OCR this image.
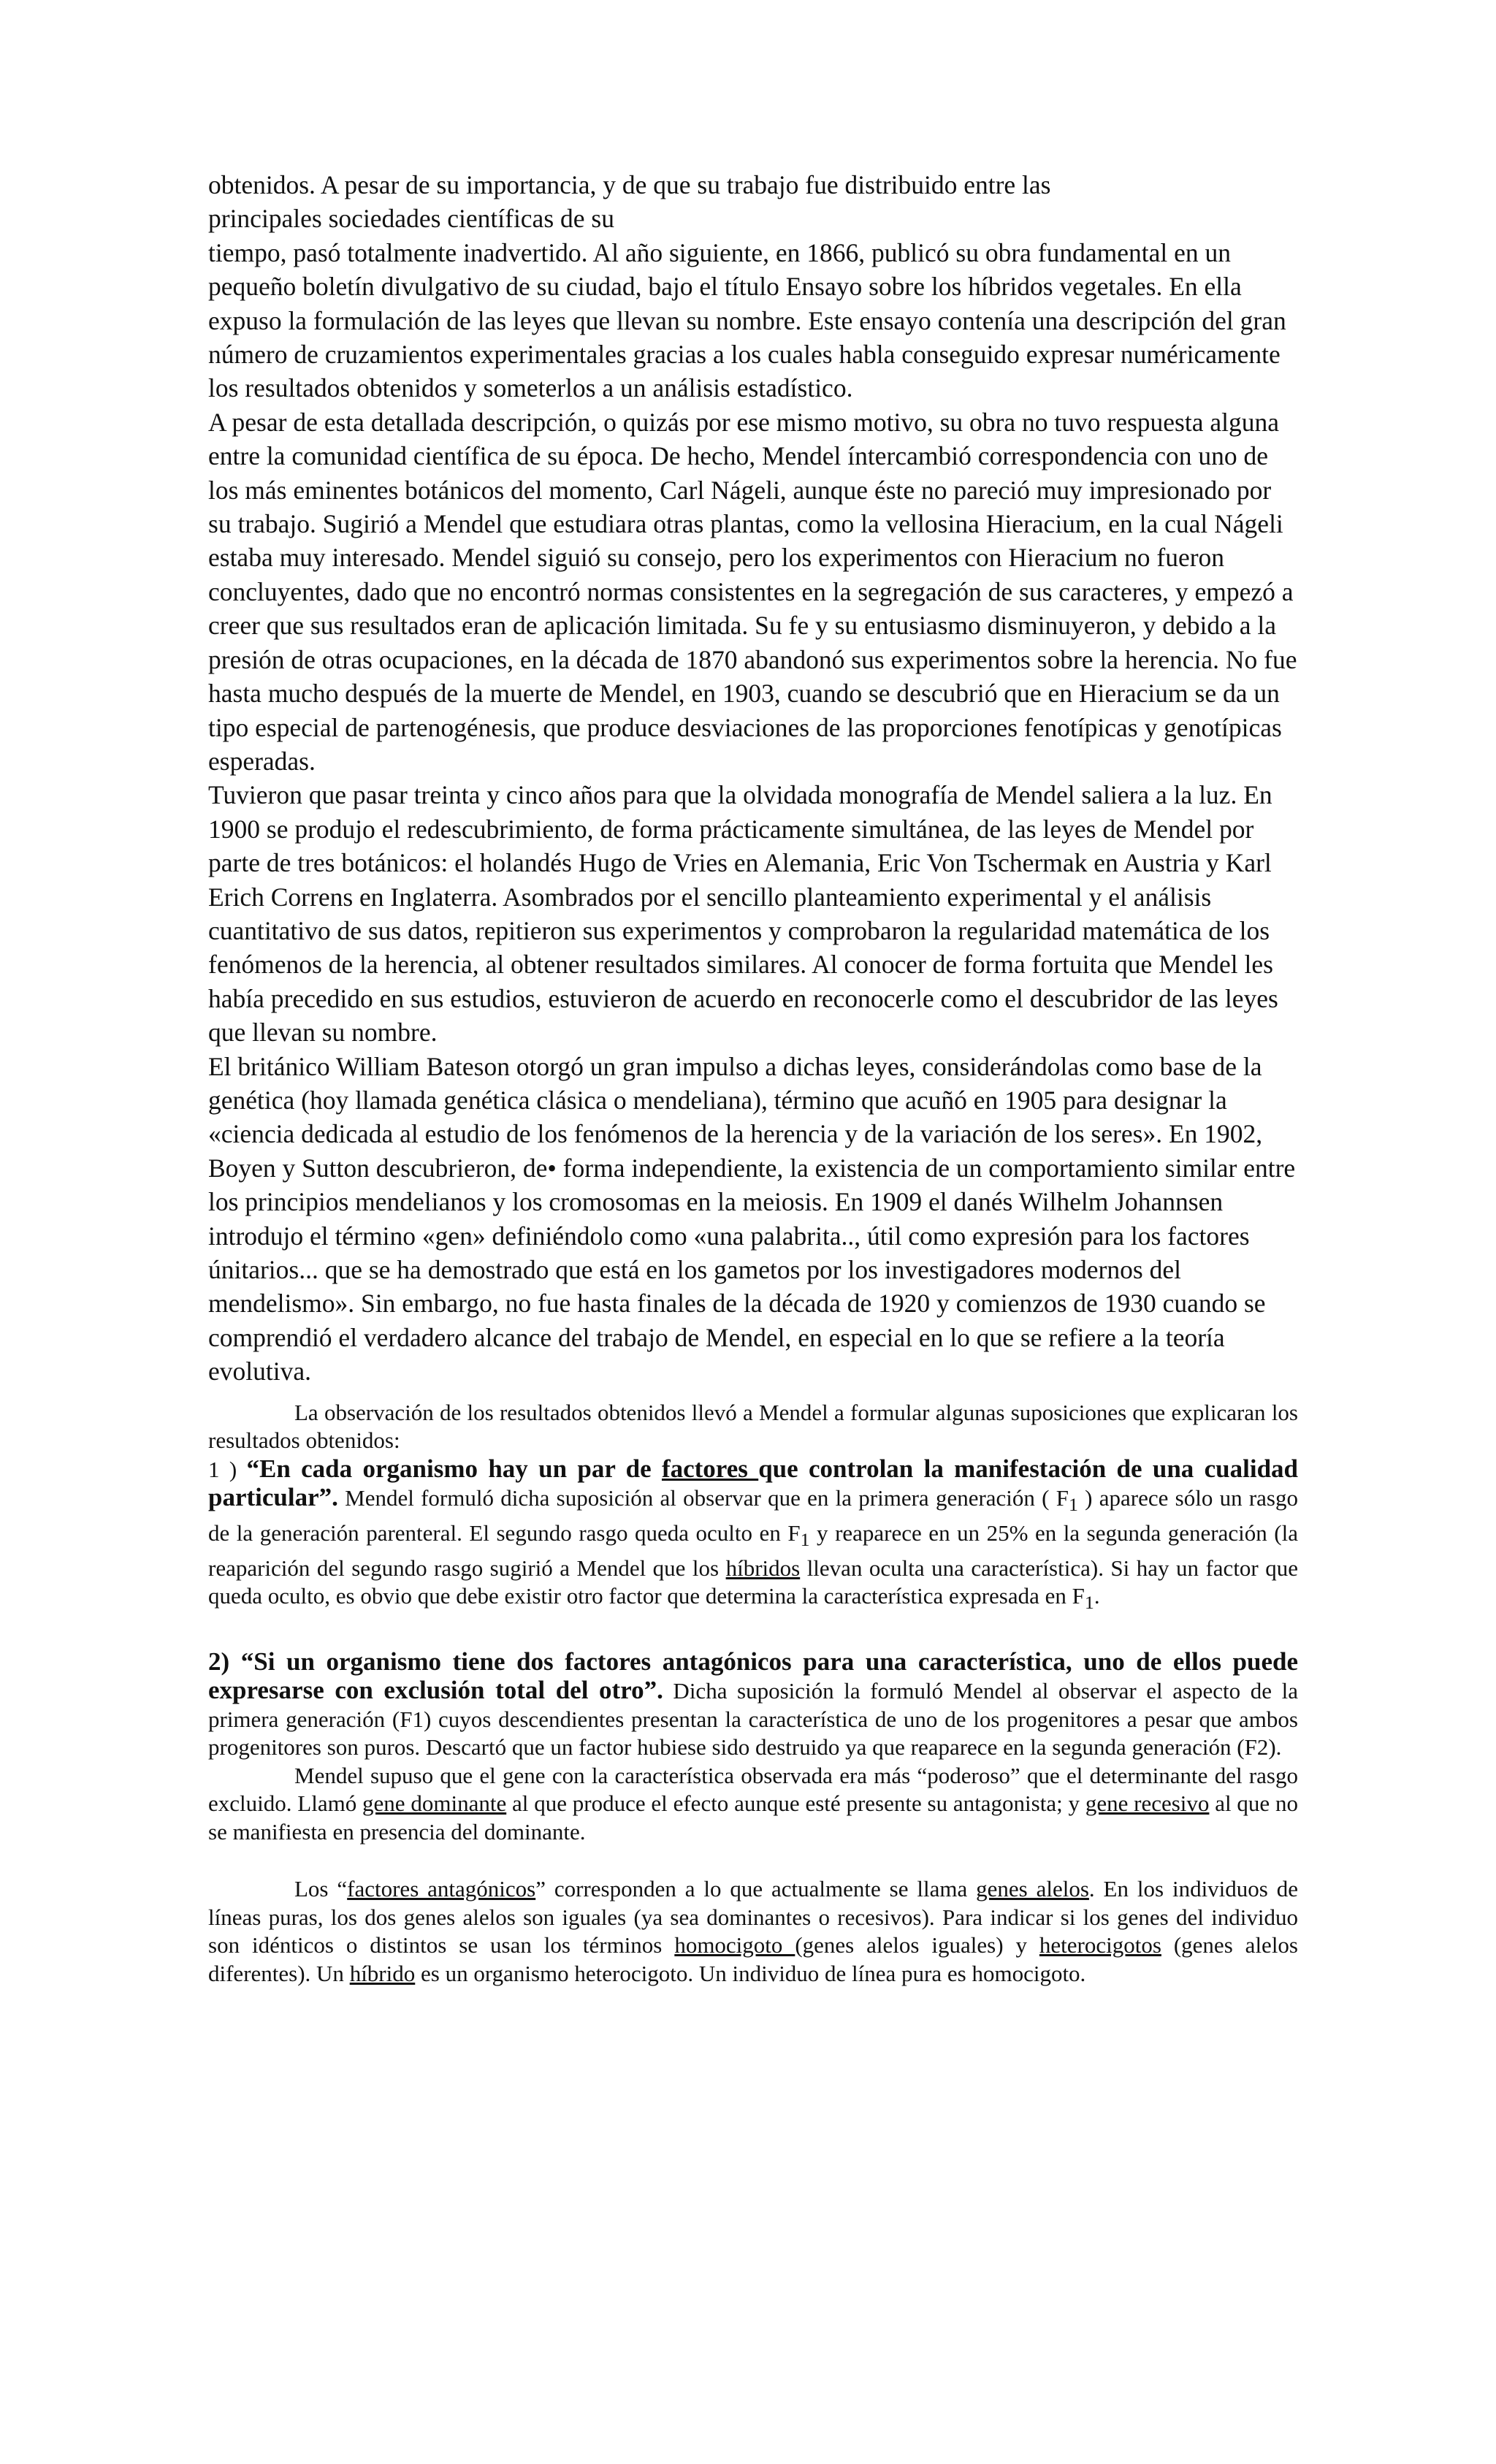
obtenidos. A pesar de su importancia, y de que su trabajo fue distribuido entre las
principales sociedades científicas de su
tiempo, pasó totalmente inadvertido. Al año siguiente, en 1866, publicó su obra fundamental en un pequeño boletín divulgativo de su ciudad, bajo el título Ensayo sobre los híbridos vegetales. En ella expuso la formulación de las leyes que llevan su nombre. Este ensayo contenía una descripción del gran número de cruzamientos experimentales gracias a los cuales habla conseguido expresar numéricamente los resultados obtenidos y someterlos a un análisis estadístico.

A pesar de esta detallada descripción, o quizás por ese mismo motivo, su obra no tuvo respuesta alguna entre la comunidad científica de su época. De hecho, Mendel íntercambió correspondencia con uno de los más eminentes botánicos del momento, Carl Nágeli, aunque éste no pareció muy impresionado por su trabajo. Sugirió a Mendel que estudiara otras plantas, como la vellosina Hieracium, en la cual Nágeli estaba muy interesado. Mendel siguió su consejo, pero los experimentos con Hieracium no fueron concluyentes, dado que no encontró normas consistentes en la segregación de sus caracteres, y empezó a creer que sus resultados eran de aplicación limitada. Su fe y su entusiasmo disminuyeron, y debido a la presión de otras ocupaciones, en la década de 1870 abandonó sus experimentos sobre la herencia. No fue hasta mucho después de la muerte de Mendel, en 1903, cuando se descubrió que en Hieracium se da un tipo especial de partenogénesis, que produce desviaciones de las proporciones fenotípicas y genotípicas esperadas.

Tuvieron que pasar treinta y cinco años para que la olvidada monografía de Mendel saliera a la luz. En 1900 se produjo el redescubrimiento, de forma prácticamente simultánea, de las leyes de Mendel por parte de tres botánicos: el holandés Hugo de Vries en Alemania, Eric Von Tschermak en Austria y Karl Erich Correns en Inglaterra. Asombrados por el sencillo planteamiento experimental y el análisis cuantitativo de sus datos, repitieron sus experimentos y comprobaron la regularidad matemática de los fenómenos de la herencia, al obtener resultados similares. Al conocer de forma fortuita que Mendel les había precedido en sus estudios, estuvieron de acuerdo en reconocerle como el descubridor de las leyes que llevan su nombre.

El británico William Bateson otorgó un gran impulso a dichas leyes, considerándolas como base de la genética (hoy llamada genética clásica o mendeliana), término que acuñó en 1905 para designar la «ciencia dedicada al estudio de los fenómenos de la herencia y de la variación de los seres». En 1902, Boyen y Sutton descubrieron, de• forma independiente, la existencia de un comportamiento similar entre los principios mendelianos y los cromosomas en la meiosis. En 1909 el danés Wilhelm Johannsen introdujo el término «gen» definiéndolo como «una palabrita.., útil como expresión para los factores únitarios... que se ha demostrado que está en los gametos por los investigadores modernos del mendelismo». Sin embargo, no fue hasta finales de la década de 1920 y comienzos de 1930 cuando se comprendió el verdadero alcance del trabajo de Mendel, en especial en lo que se refiere a la teoría evolutiva.

La observación de los resultados obtenidos llevó a Mendel a formular algunas suposiciones que explicaran los resultados obtenidos:

1 ) “En cada organismo hay un par de factores que controlan la manifestación de una cualidad particular”. Mendel formuló dicha suposición al observar que en la primera generación ( $F_1$ ) aparece sólo un rasgo de la generación parenteral. El segundo rasgo queda oculto en $F_1$ y reaparece en un 25% en la segunda generación (la reaparición del segundo rasgo sugirió a Mendel que los híbridos llevan oculta una característica). Si hay un factor que queda oculto, es obvio que debe existir otro factor que determina la característica expresada en $F_1$.

2) “Si un organismo tiene dos factores antagónicos para una característica, uno de ellos puede expresarse con exclusión total del otro”. Dicha suposición la formuló Mendel al observar el aspecto de la primera generación (F1) cuyos descendientes presentan la característica de uno de los progenitores a pesar que ambos progenitores son puros. Descartó que un factor hubiese sido destruido ya que reaparece en la segunda generación (F2).

Mendel supuso que el gene con la característica observada era más “poderoso” que el determinante del rasgo excluido. Llamó gene dominante al que produce el efecto aunque esté presente su antagonista; y gene recesivo al que no se manifiesta en presencia del dominante.

Los “factores antagónicos” corresponden a lo que actualmente se llama genes alelos. En los individuos de líneas puras, los dos genes alelos son iguales (ya sea dominantes o recesivos). Para indicar si los genes del individuo son idénticos o distintos se usan los términos homocigoto (genes alelos iguales) y heterocigotos (genes alelos diferentes). Un híbrido es un organismo heterocigoto. Un individuo de línea pura es homocigoto.
